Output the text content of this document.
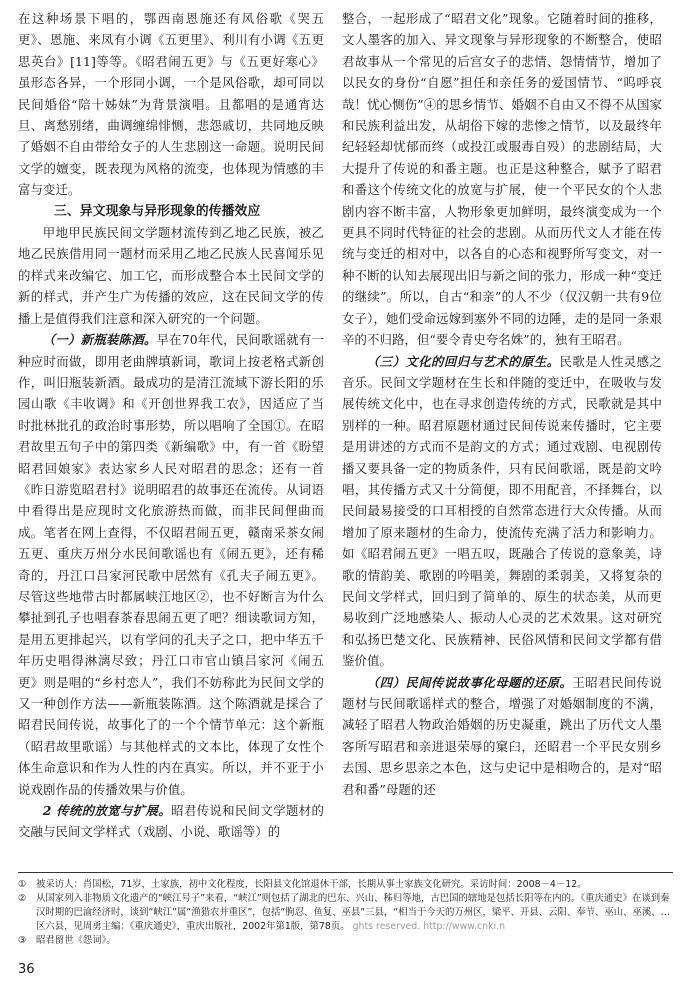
在这种场景下唱的，鄂西南恩施还有风俗歌《哭五更》、恩施、来凤有小调《五更里》、利川有小调《五更思英台》[11]等等。《昭君闹五更》与《五更好寒心》虽形态各异，一个形同小调，一个是风俗歌，却可同以民间婚俗“陪十姊妹”为背景演唱。且都唱的是通宵达旦、离愁别绪，曲调缠绵悱恻，悲怨戚切，共同地反映了婚姻不自由带给女子的人生悲剧这一命题。说明民间文学的嬗变，既表现为风格的流变，也体现为情感的丰富与变迁。

三、异文现象与异形现象的传播效应

甲地甲民族民间文学题材流传到乙地乙民族，被乙地乙民族借用同一题材而采用乙地乙民族人民喜闻乐见的样式来改编它、加工它，而形成整合本土民间文学的新的样式，并产生广为传播的效应，这在民间文学的传播上是值得我们注意和深入研究的一个问题。

（一）新瓶装陈酒。早在70年代，民间歌谣就有一种应时而做，即用老曲牌填新词，歌词上按老格式新创作，叫旧瓶装新酒。最成功的是清江流域下游长阳的乐园山歌《丰收调》和《开创世界我工农》，因适应了当时批林批孔的政治时事形势，所以唱响了全国①。在昭君故里五句子中的第四类《新编歌》中，有一首《盼望昭君回娘家》表达家乡人民对昭君的思念；还有一首《昨日游览昭君村》说明昭君的故事还在流传。从词语中看得出是应现时文化旅游热而做，而非民间俚曲而成。笔者在网上查得，不仅昭君闹五更，赣南采茶女闹五更、重庆万州分水民间歌谣也有《闹五更》，还有稀奇的，丹江口吕家河民歌中居然有《孔夫子闹五更》。尽管这些地带古时都属峡江地区②，也不好断言为什么攀扯到孔子也唱春茶春思闹五更了吧？细读歌词方知，是用五更排起兴，以有学问的孔夫子之口，把中华五千年历史唱得淋漓尽致；丹江口市官山镇吕家河《闹五更》则是唱的“乡村恋人”，我们不妨称此为民间文学的又一种创作方法——新瓶装陈酒。这个陈酒就是採合了昭君民间传说，故事化了的一个个情节单元：这个新瓶（昭君故里歌谣）与其他样式的文本比，体现了女性个体生命意识和作为人性的内在真实。所以，并不亚于小说戏剧作品的传播效果与价值。

2 传统的放宽与扩展。昭君传说和民间文学题材的交融与民间文学样式（戏剧、小说、歌谣等）的

整合，一起形成了“昭君文化”现象。它随着时间的推移，文人墨客的加入、异文现象与异形现象的不断整合，使昭君故事从一个常见的后宫女子的悲情、怨情情节，增加了以民女的身份“自愿”担任和亲任务的爱国情节、“呜呼哀哉！忧心恻伤”④的思乡情节、婚姻不自由又不得不从国家和民族利益出发，从胡俗下嫁的悲惨之情节，以及最终年纪轻轻却忧郁而终（或投江或服毒自殁）的悲剧结局，大大提升了传说的和番主题。也正是这种整合，赋予了昭君和番这个传统文化的放宽与扩展，使一个平民女的个人悲剧内容不断丰富，人物形象更加鲜明，最终演变成为一个更具不同时代特征的社会的悲剧。从而历代文人才能在传统与变迁的相对中，以各自的心态和视野所写变文，对一种不断的认知去展现出旧与新之间的张力，形成一种“变迁的继续”。所以，自古“和亲”的人不少（仅汉朝一共有9位女子），她们受命远嫁到塞外不同的边陲，走的是同一条艰辛的不归路，但“要令青史夸名姝”的，独有王昭君。

（三）文化的回归与艺术的原生。民歌是人性灵感之音乐。民间文学题材在生长和伴随的变迁中，在吸收与发展传统文化中，也在寻求创造传统的方式，民歌就是其中别样的一种。昭君原题材通过民间传说来传播时，它主要是用讲述的方式而不是韵文的方式；通过戏剧、电视剧传播又要具备一定的物质条件，只有民间歌谣，既是韵文吟唱，其传播方式又十分简便，即不用配音，不择舞台，以民间最易接受的口耳相授的自然常态进行大众传播。从而增加了原来题材的生命力，使流传充满了活力和影响力。如《昭君闹五更》一唱五叹，既融合了传说的意象美，诗歌的情韵美、歌剧的吟唱美，舞剧的柔弱美，又将复杂的民间文学样式，回归到了简单的、原生的状态美，从而更易收到广泛地感染人、振动人心灵的艺术效果。这对研究和弘扬巴楚文化、民族精神、民俗风情和民间文学都有借鉴价值。

（四）民间传说故事化母题的还原。王昭君民间传说题材与民间歌谣样式的整合，增强了对婚姻制度的不满，减轻了昭君人物政治婚姻的历史凝重，跳出了历代文人墨客所写昭君和亲进退荣辱的窠臼，还昭君一个平民女别乡去国、思乡思亲之本色，这与史记中是相吻合的，是对“昭君和番”母题的还

①	被采访人：肖国松，71岁，土家族，初中文化程度，长阳县文化馆退休干部，长期从事土家族文化研究。采访时间：2008－4－12。
②	从国家列入非物质文化遗产的“峡江号子”来看，“峡江”则包括了湖北的巴东、兴山、秭归等地，古巴国的辖地是包括长阳等在内的。《重庆通史》在谈到秦汉时期的巴渝经济时，谈到“峡江”属“渔猎农并重区”，包括“朐忍、鱼复、巫县”三县，“相当于今天的万州区，梁平、开县、云阳、奉节、巫山、巫溪、…区六县，见周勇主编：《重庆通史》，重庆出版社，2002年第1版，第78页。 ghts reserved. http://www.cnki.n
③	昭君留世《怨词》。
36
